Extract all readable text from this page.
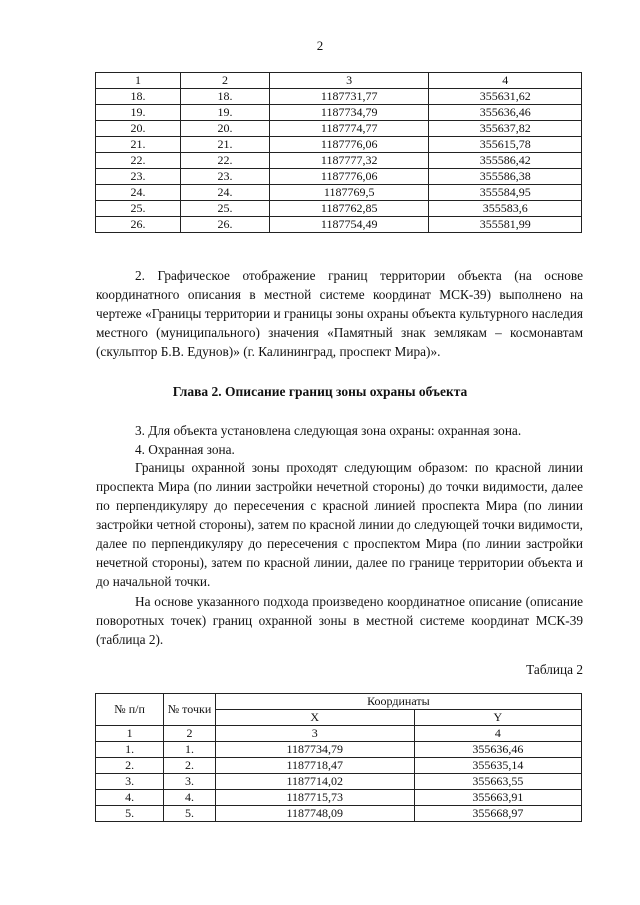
2
1	2	3	4
18.	18.	1187731,77	355631,62
19.	19.	1187734,79	355636,46
20.	20.	1187774,77	355637,82
21.	21.	1187776,06	355615,78
22.	22.	1187777,32	355586,42
23.	23.	1187776,06	355586,38
24.	24.	1187769,5	355584,95
25.	25.	1187762,85	355583,6
26.	26.	1187754,49	355581,99
2. Графическое отображение границ территории объекта (на основе координатного описания в местной системе координат МСК-39) выполнено на чертеже «Границы территории и границы зоны охраны объекта культурного наследия местного (муниципального) значения «Памятный знак землякам – космонавтам (скульптор Б.В. Едунов)» (г. Калининград, проспект Мира)».
Глава 2. Описание границ зоны охраны объекта
3. Для объекта установлена следующая зона охраны: охранная зона.
4. Охранная зона.
Границы охранной зоны проходят следующим образом: по красной линии проспекта Мира (по линии застройки нечетной стороны) до точки видимости, далее по перпендикуляру до пересечения с красной линией проспекта Мира (по линии застройки четной стороны), затем по красной линии до следующей точки видимости, далее по перпендикуляру до пересечения с проспектом Мира (по линии застройки нечетной стороны), затем по красной линии, далее по границе территории объекта и до начальной точки.
На основе указанного подхода произведено координатное описание (описание поворотных точек) границ охранной зоны в местной системе координат МСК-39 (таблица 2).
Таблица 2
№ п/п	№ точки	Координаты	
		X	Y
1	2	3	4
1.	1.	1187734,79	355636,46
2.	2.	1187718,47	355635,14
3.	3.	1187714,02	355663,55
4.	4.	1187715,73	355663,91
5.	5.	1187748,09	355668,97
